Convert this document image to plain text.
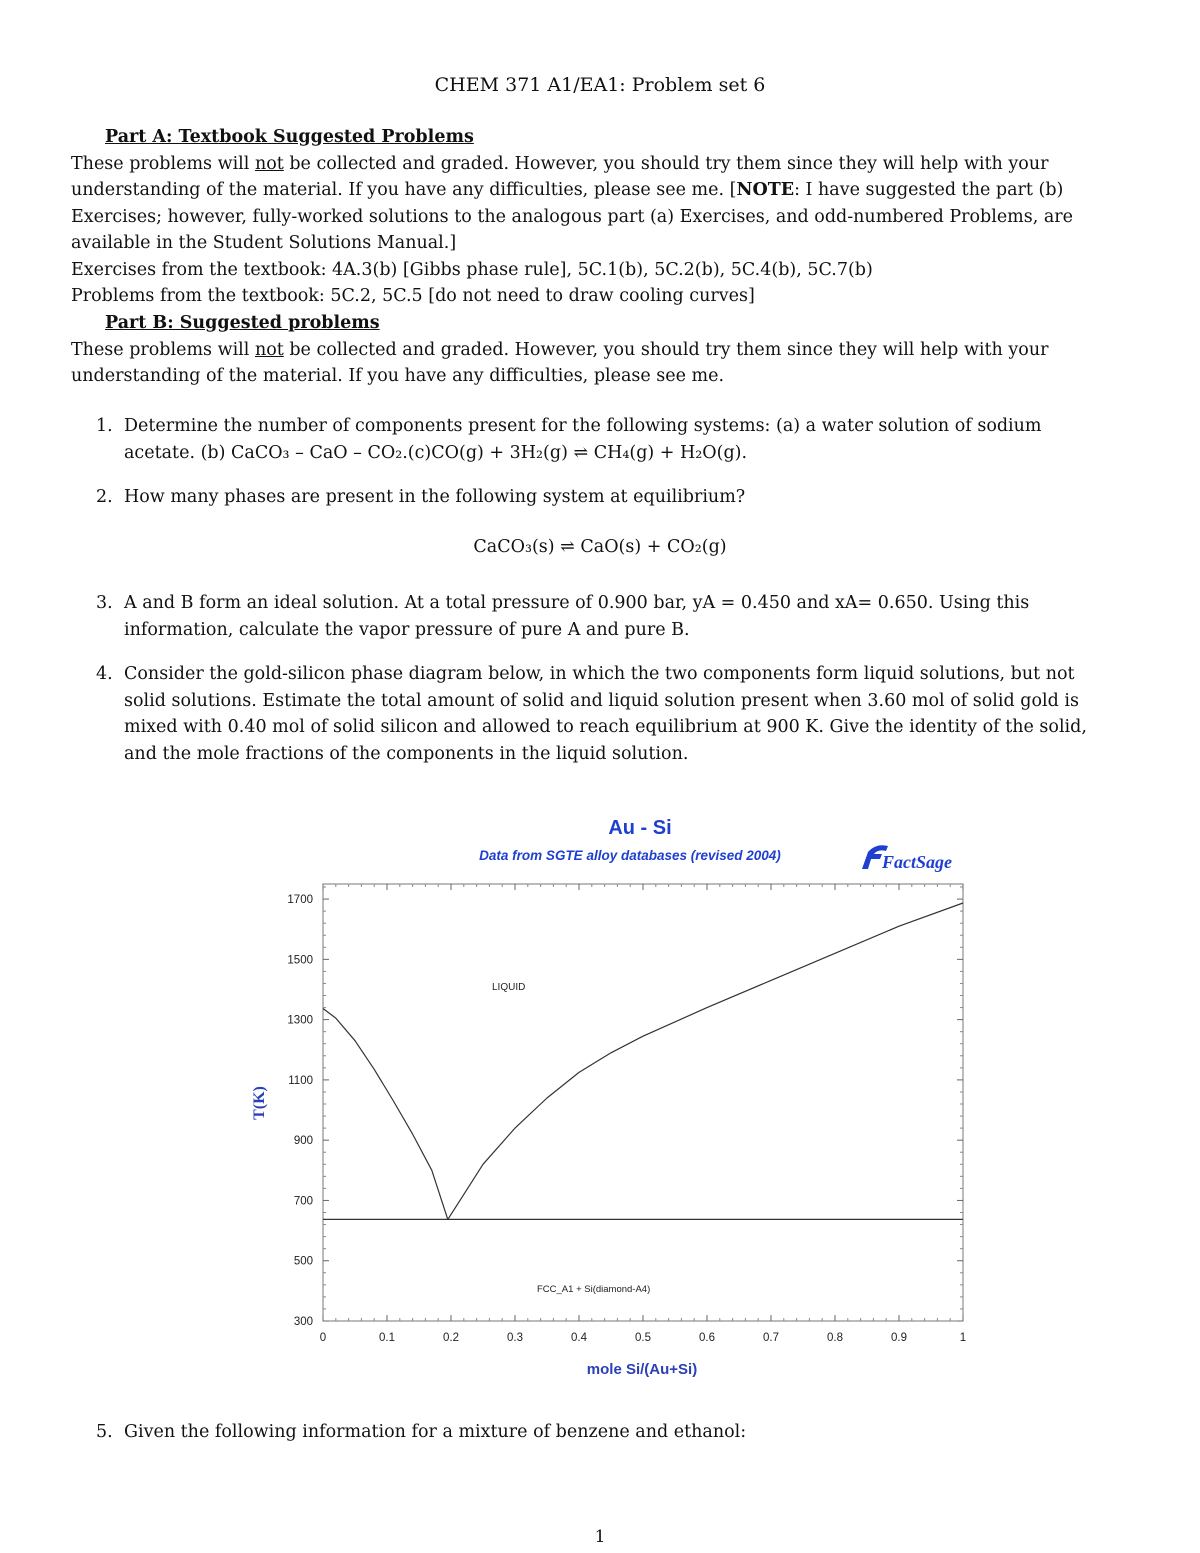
CHEM 371 A1/EA1: Problem set 6

Part A: Textbook Suggested Problems

These problems will not be collected and graded. However, you should try them since they will help with your understanding of the material. If you have any difficulties, please see me. [NOTE: I have suggested the part (b) Exercises; however, fully-worked solutions to the analogous part (a) Exercises, and odd-numbered Problems, are available in the Student Solutions Manual.]

Exercises from the textbook: 4A.3(b) [Gibbs phase rule], 5C.1(b), 5C.2(b), 5C.4(b), 5C.7(b)

Problems from the textbook: 5C.2, 5C.5 [do not need to draw cooling curves]

Part B: Suggested problems

These problems will not be collected and graded. However, you should try them since they will help with your understanding of the material. If you have any difficulties, please see me.

1. Determine the number of components present for the following systems: (a) a water solution of sodium acetate. (b) CaCO₃ – CaO – CO₂.(c)CO(g) + 3H₂(g) ⇌ CH₄(g) + H₂O(g).

2. How many phases are present in the following system at equilibrium?

CaCO₃(s) ⇌ CaO(s) + CO₂(g)
3. A and B form an ideal solution. At a total pressure of 0.900 bar, yA = 0.450 and xA= 0.650. Using this information, calculate the vapor pressure of pure A and pure B.

4. Consider the gold-silicon phase diagram below, in which the two components form liquid solutions, but not solid solutions. Estimate the total amount of solid and liquid solution present when 3.60 mol of solid gold is mixed with 0.40 mol of solid silicon and allowed to reach equilibrium at 900 K. Give the identity of the solid, and the mole fractions of the components in the liquid solution.

Au - Si
Data from SGTE alloy databases (revised 2004)	FactSage
0	0.1	0.2	0.3	0.4	0.5	0.6	0.7	0.8	0.9	1
300
500
700
900
1100
1300
1500
1700
LIQUID
FCC_A1 + Si(diamond-A4)
mole Si/(Au+Si)
T(K)
5. Given the following information for a mixture of benzene and ethanol:

1
